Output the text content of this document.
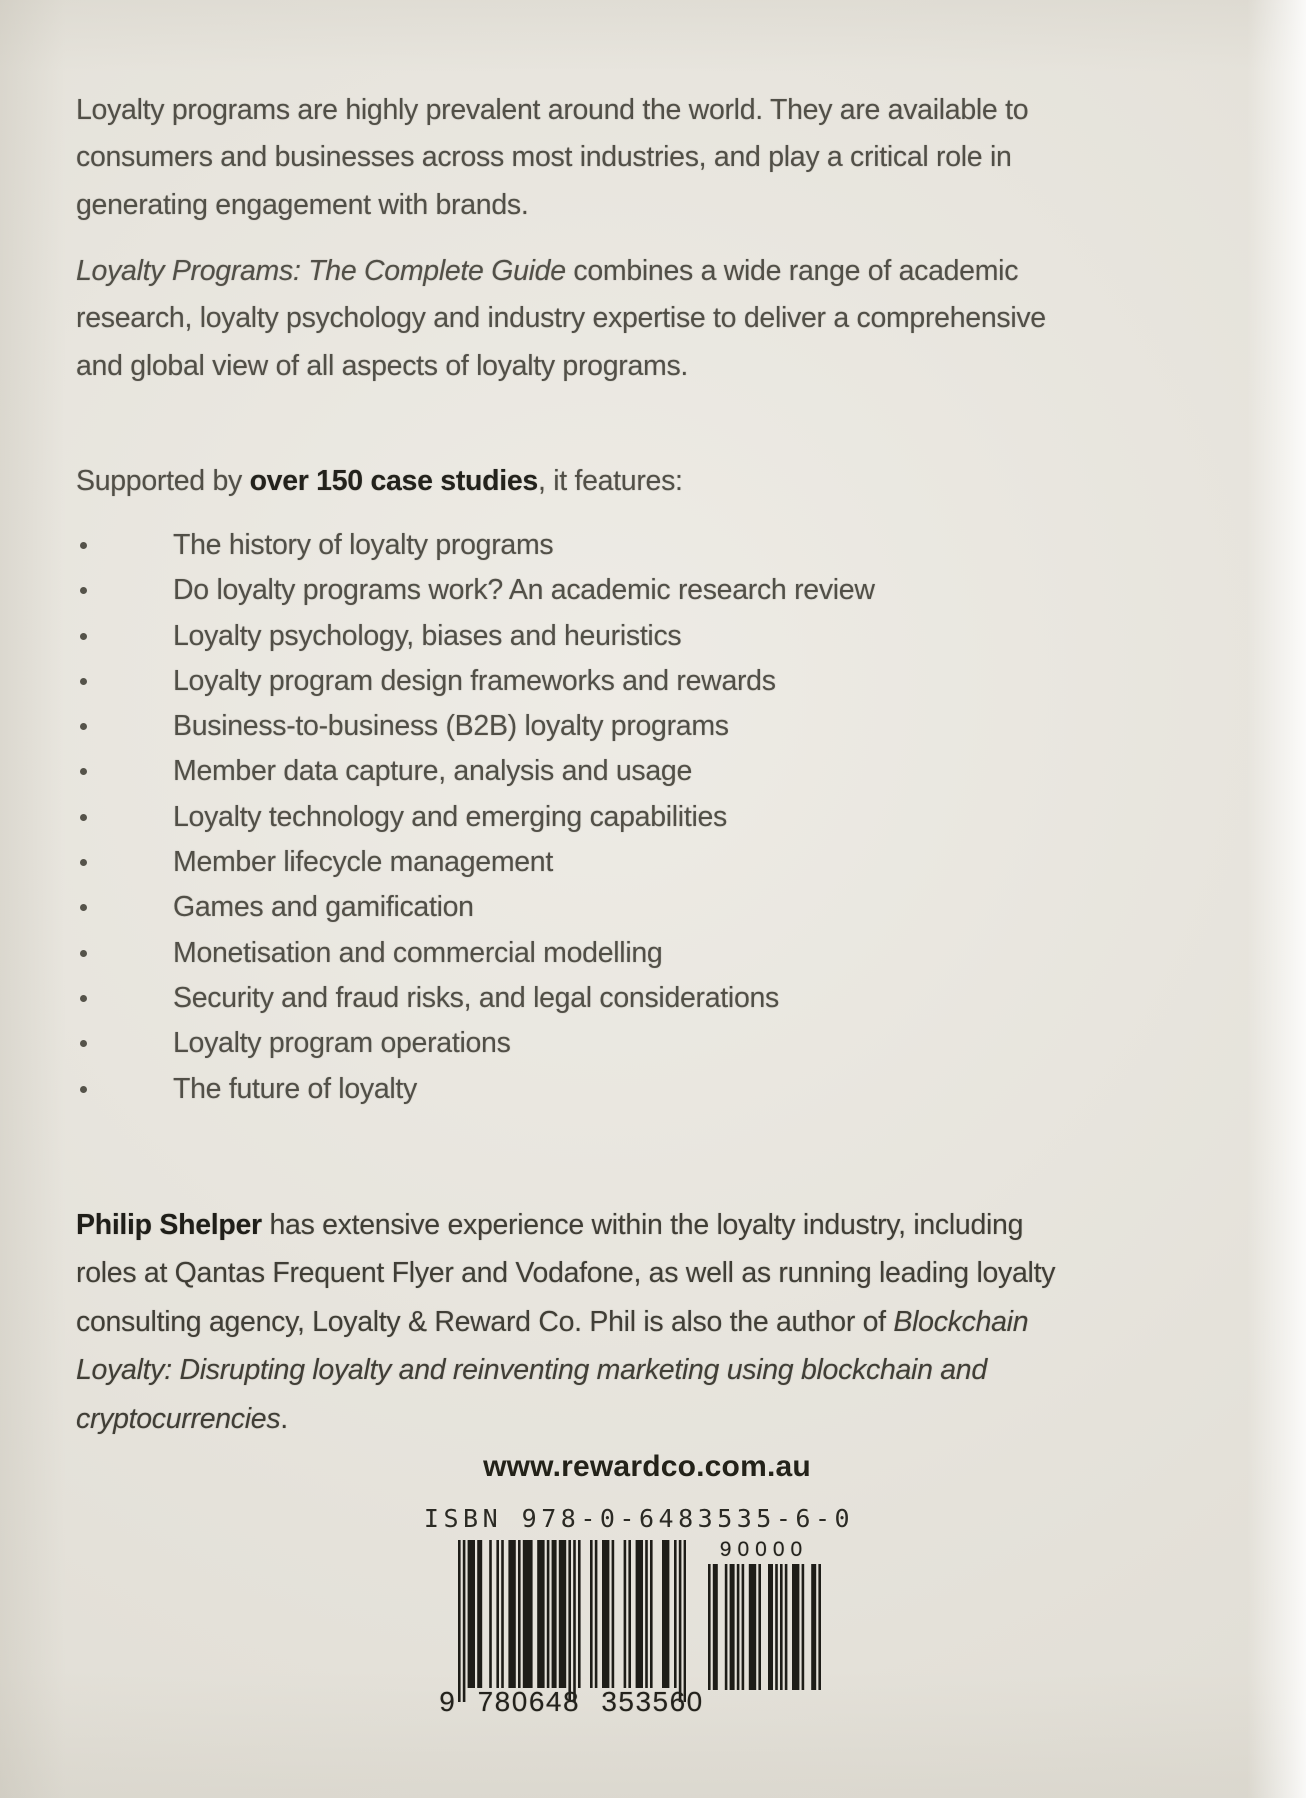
Loyalty programs are highly prevalent around the world. They are available to consumers and businesses across most industries, and play a critical role in generating engagement with brands.

Loyalty Programs: The Complete Guide combines a wide range of academic research, loyalty psychology and industry expertise to deliver a comprehensive and global view of all aspects of loyalty programs.

Supported by over 150 case studies, it features:

The history of loyalty programs
Do loyalty programs work? An academic research review
Loyalty psychology, biases and heuristics
Loyalty program design frameworks and rewards
Business-to-business (B2B) loyalty programs
Member data capture, analysis and usage
Loyalty technology and emerging capabilities
Member lifecycle management
Games and gamification
Monetisation and commercial modelling
Security and fraud risks, and legal considerations
Loyalty program operations
The future of loyalty

Philip Shelper has extensive experience within the loyalty industry, including roles at Qantas Frequent Flyer and Vodafone, as well as running leading loyalty consulting agency, Loyalty & Reward Co. Phil is also the author of Blockchain Loyalty: Disrupting loyalty and reinventing marketing using blockchain and cryptocurrencies.

www.rewardco.com.au
ISBN 978-0-6483535-6-0
9 780648 353560
90000
